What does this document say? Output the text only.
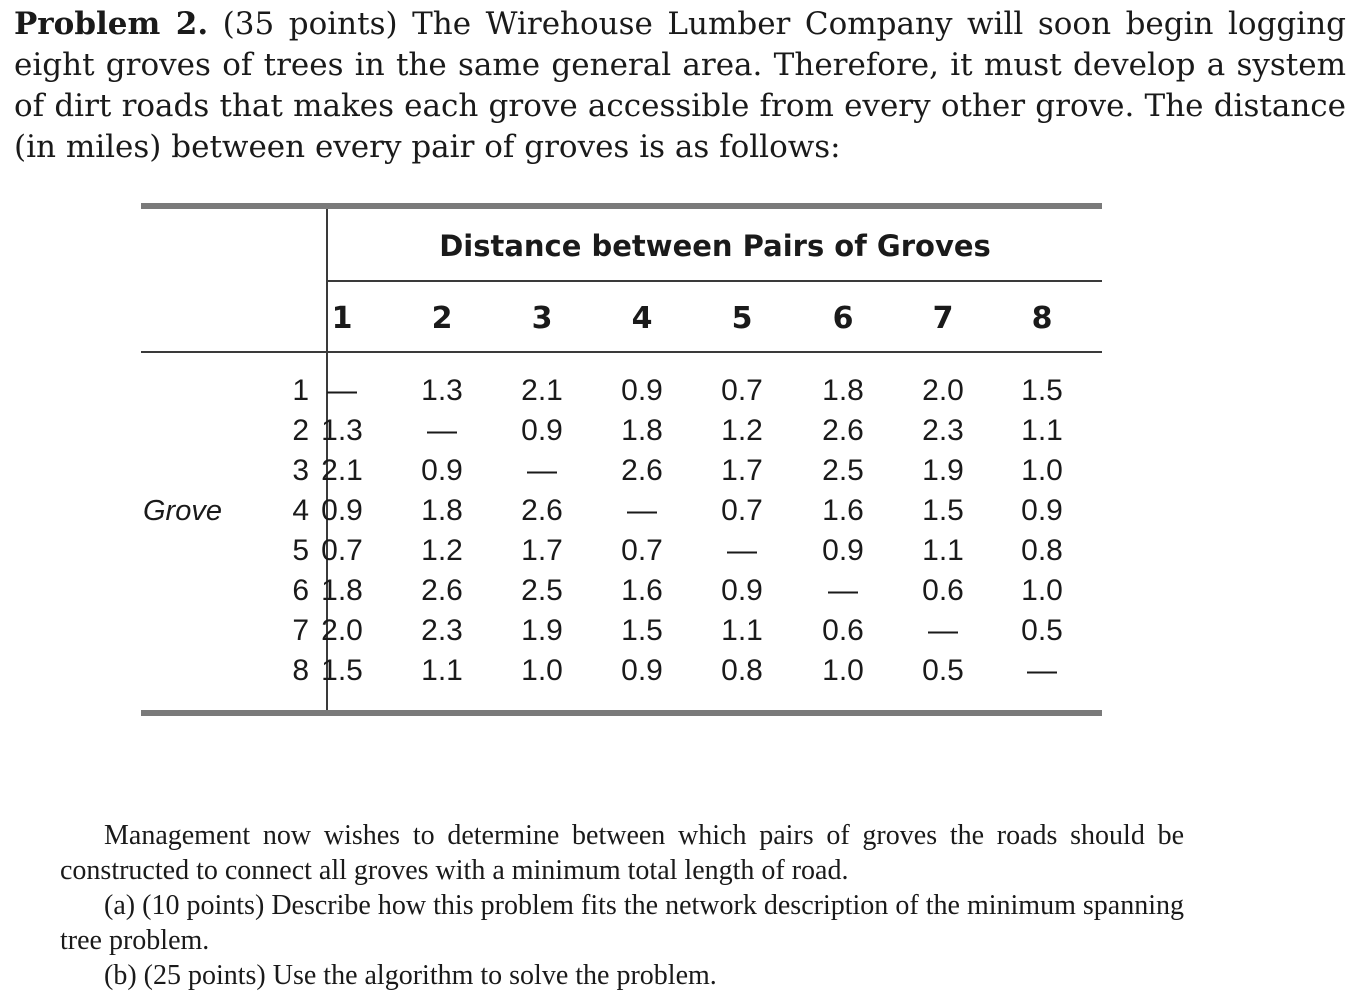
Problem 2. (35 points) The Wirehouse Lumber Company will soon begin logging eight groves of trees in the same general area. Therefore, it must develop a system of dirt roads that makes each grove accessible from every other grove. The distance (in miles) between every pair of groves is as follows:

Distance between Pairs of Groves
1	2	3	4	5	6	7	8
Grove
1 —	1.3	2.1	0.9	0.7	1.8	2.0	1.5
2 1.3	—	0.9	1.8	1.2	2.6	2.3	1.1
3 2.1	0.9	—	2.6	1.7	2.5	1.9	1.0
4 0.9	1.8	2.6	—	0.7	1.6	1.5	0.9
5 0.7	1.2	1.7	0.7	—	0.9	1.1	0.8
6 1.8	2.6	2.5	1.6	0.9	—	0.6	1.0
7 2.0	2.3	1.9	1.5	1.1	0.6	—	0.5
8 1.5	1.1	1.0	0.9	0.8	1.0	0.5	—

Management now wishes to determine between which pairs of groves the roads should be constructed to connect all groves with a minimum total length of road.

(a) (10 points) Describe how this problem fits the network description of the minimum spanning tree problem.

(b) (25 points) Use the algorithm to solve the problem.
